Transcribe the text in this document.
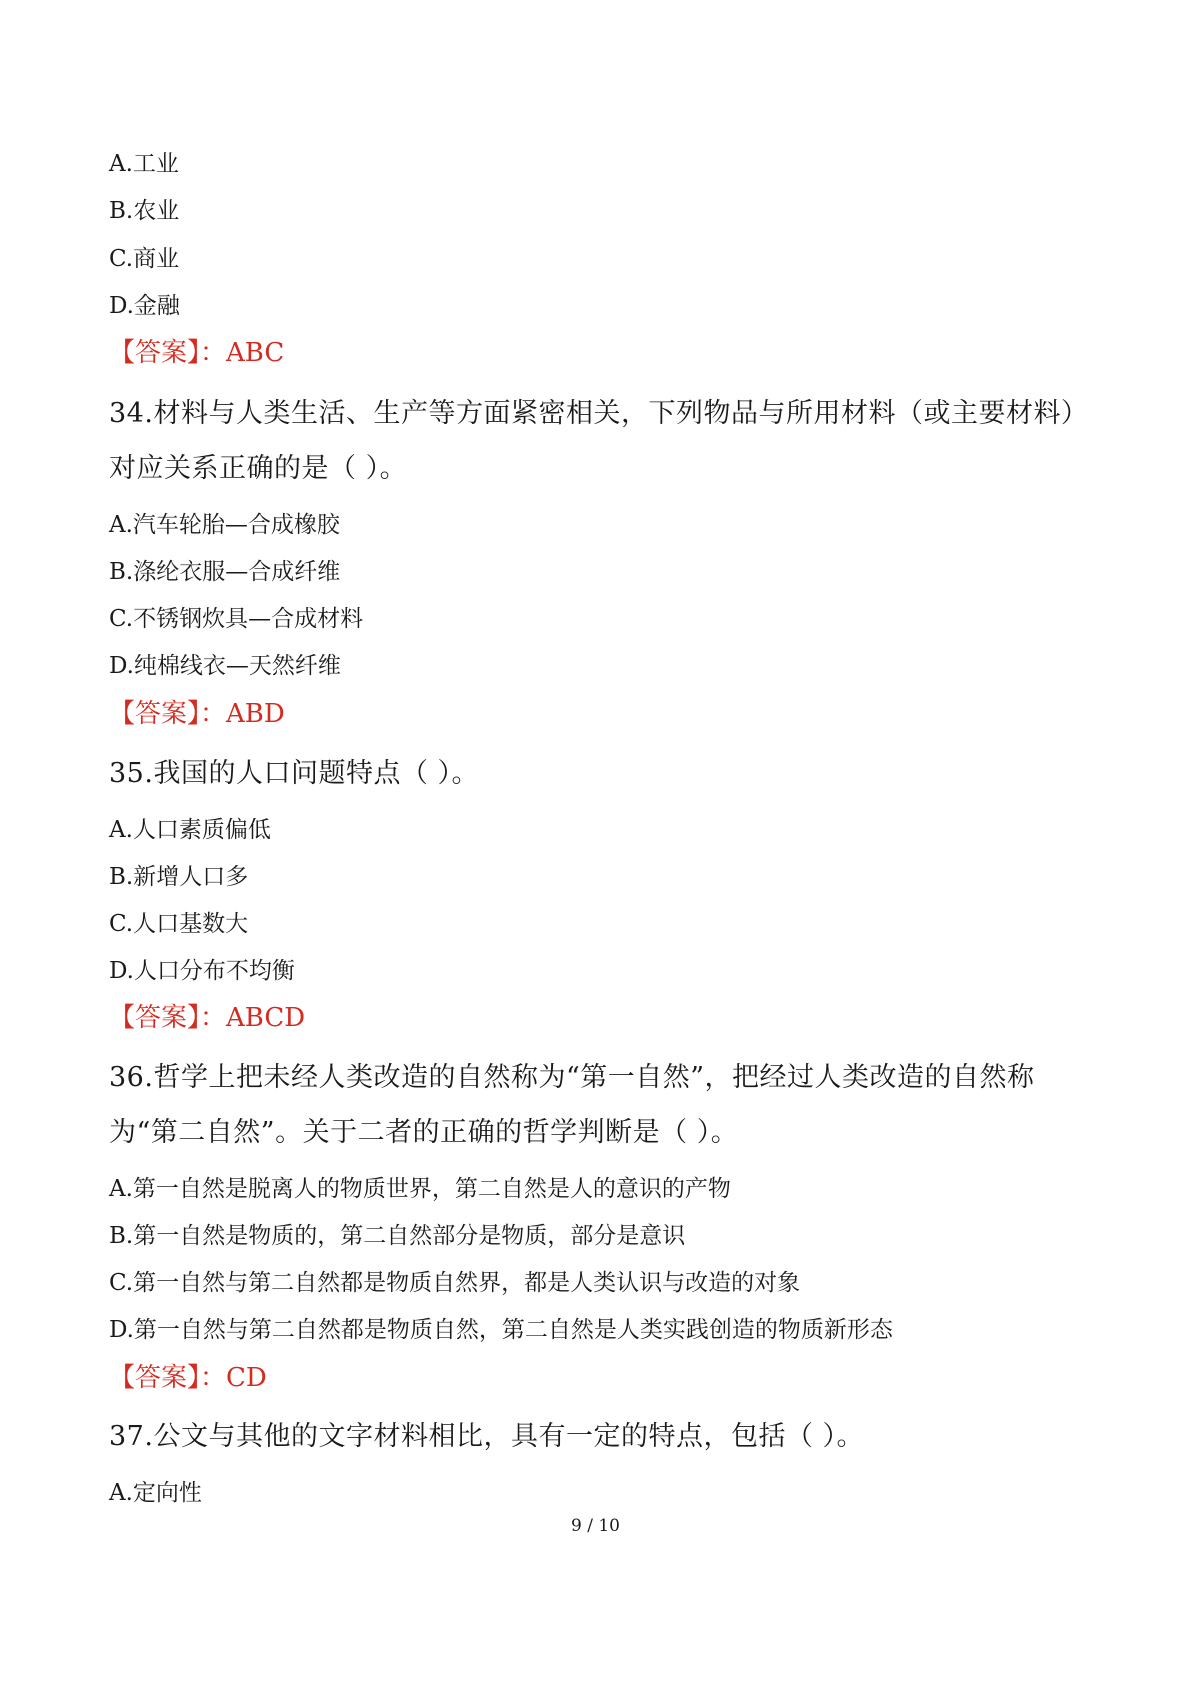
A.工业
B.农业
C.商业
D.金融
【答案】：ABC
34.材料与人类生活、生产等方面紧密相关，下列物品与所用材料（或主要材料）
对应关系正确的是（ ）。
A.汽车轮胎—合成橡胶
B.涤纶衣服—合成纤维
C.不锈钢炊具—合成材料
D.纯棉线衣—天然纤维
【答案】：ABD
35.我国的人口问题特点（ ）。
A.人口素质偏低
B.新增人口多
C.人口基数大
D.人口分布不均衡
【答案】：ABCD
36.哲学上把未经人类改造的自然称为“第一自然”，把经过人类改造的自然称
为“第二自然”。关于二者的正确的哲学判断是（ ）。
A.第一自然是脱离人的物质世界，第二自然是人的意识的产物
B.第一自然是物质的，第二自然部分是物质，部分是意识
C.第一自然与第二自然都是物质自然界，都是人类认识与改造的对象
D.第一自然与第二自然都是物质自然，第二自然是人类实践创造的物质新形态
【答案】：CD
37.公文与其他的文字材料相比，具有一定的特点，包括（ ）。
A.定向性
9 / 10
